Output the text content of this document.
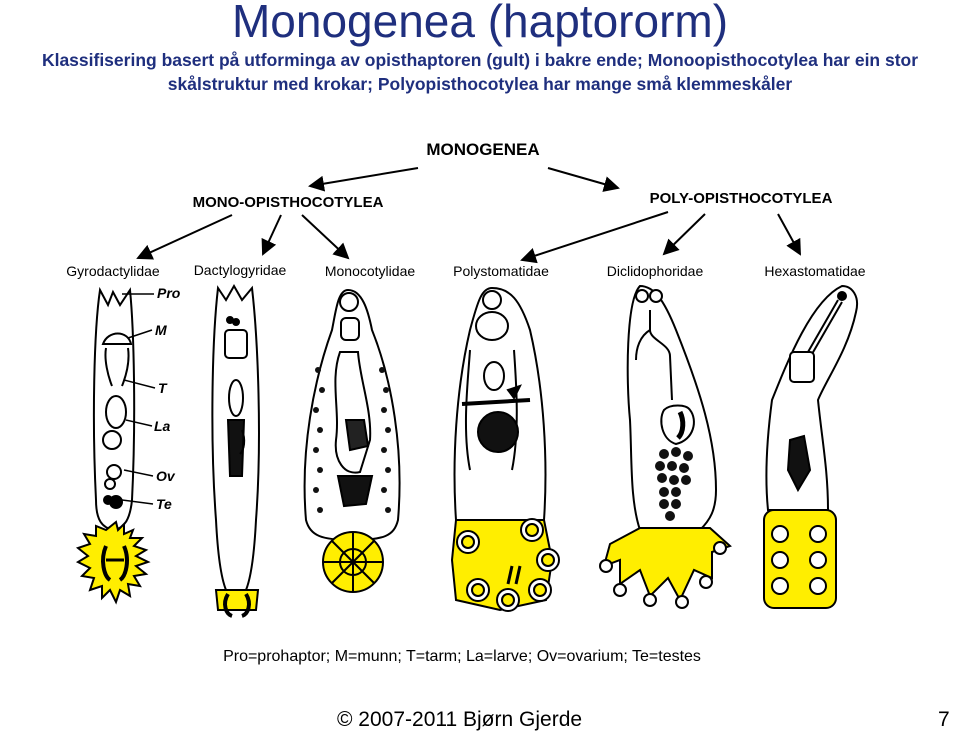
Monogenea (haptororm)
Klassifisering basert på utforminga av opisthaptoren (gult) i bakre ende; Monoopisthocotylea har ein stor skålstruktur med krokar; Polyopisthocotylea har mange små klemmeskåler
MONOGENEA
MONO-OPISTHOCOTYLEA	POLY-OPISTHOCOTYLEA
Gyrodactylidae Dactylogyridae	Monocotylidae	Polystomatidae	Diclidophoridae	Hexastomatidae
Pro
M
T
La
Ov
Te
Pro=prohaptor; M=munn; T=tarm; La=larve; Ov=ovarium; Te=testes
© 2007-2011 Bjørn Gjerde	7
